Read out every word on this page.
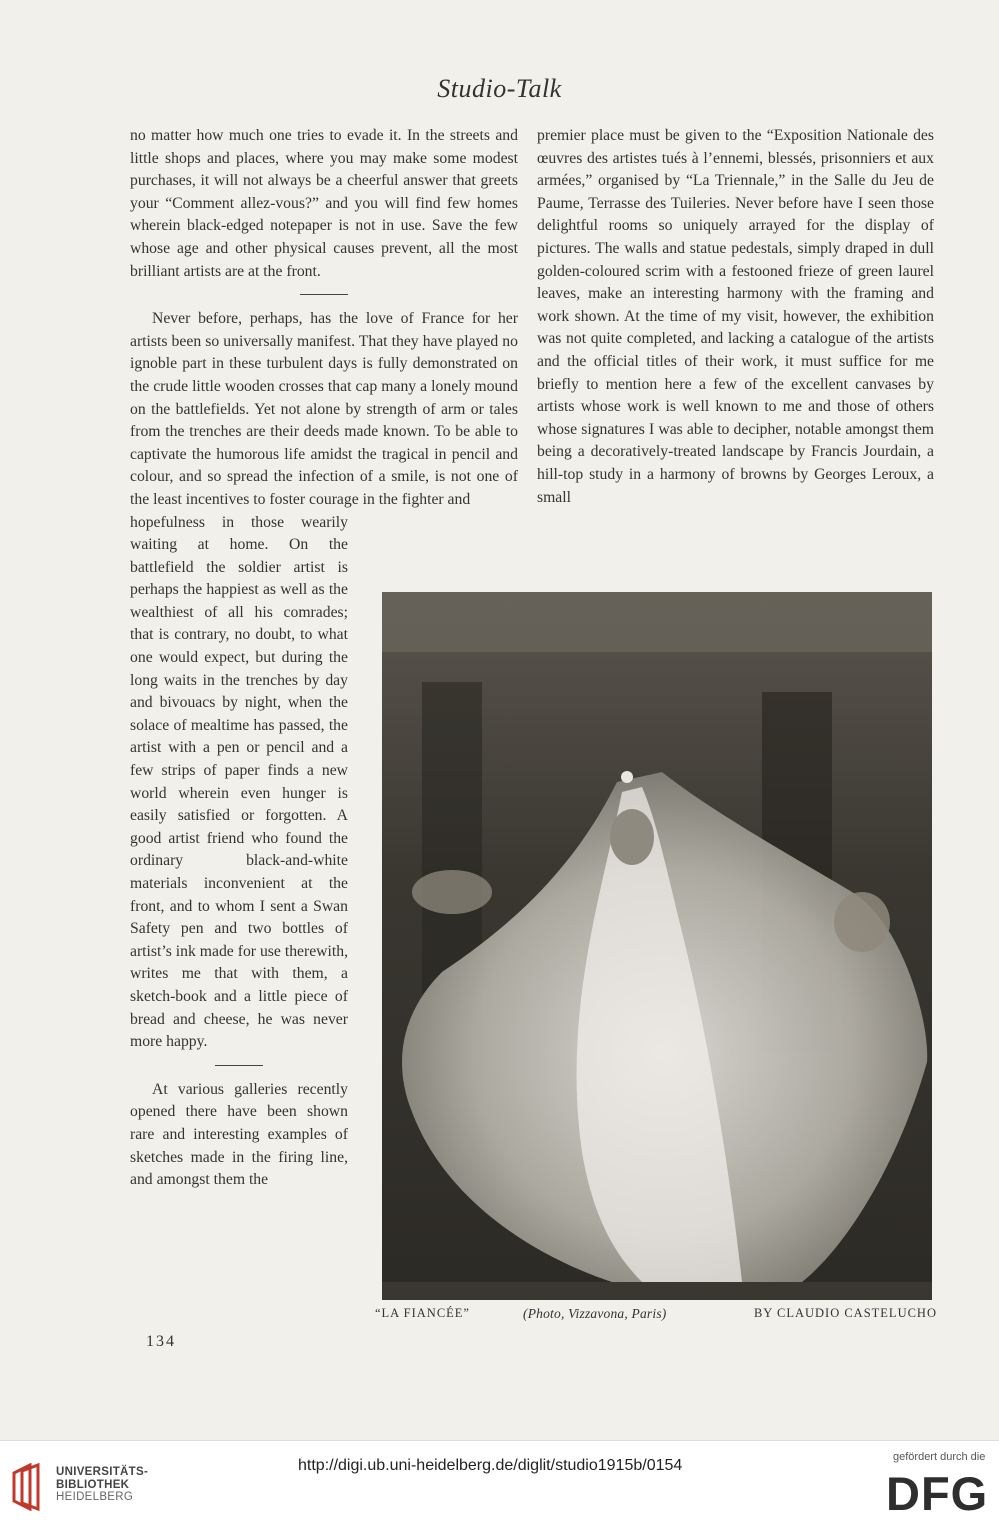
Studio-Talk

no matter how much one tries to evade it. In the streets and little shops and places, where you may make some modest purchases, it will not always be a cheerful answer that greets your “Comment allez-vous?” and you will find few homes wherein black-edged notepaper is not in use. Save the few whose age and other physical causes prevent, all the most brilliant artists are at the front.

Never before, perhaps, has the love of France for her artists been so universally manifest. That they have played no ignoble part in these turbulent days is fully demonstrated on the crude little wooden crosses that cap many a lonely mound on the battlefields. Yet not alone by strength of arm or tales from the trenches are their deeds made known. To be able to captivate the humorous life amidst the tragical in pencil and colour, and so spread the infection of a smile, is not one of the least incentives to foster courage in the fighter and

hopefulness in those wearily waiting at home. On the battlefield the soldier artist is perhaps the happiest as well as the wealthiest of all his comrades; that is contrary, no doubt, to what one would expect, but during the long waits in the trenches by day and bivouacs by night, when the solace of mealtime has passed, the artist with a pen or pencil and a few strips of paper finds a new world wherein even hunger is easily satisfied or forgotten. A good artist friend who found the ordinary black-and-white materials inconvenient at the front, and to whom I sent a Swan Safety pen and two bottles of artist’s ink made for use therewith, writes me that with them, a sketch-book and a little piece of bread and cheese, he was never more happy.

At various galleries recently opened there have been shown rare and interesting examples of sketches made in the firing line, and amongst them the

premier place must be given to the “Exposition Nationale des œuvres des artistes tués à l’ennemi, blessés, prisonniers et aux armées,” organised by “La Triennale,” in the Salle du Jeu de Paume, Terrasse des Tuileries. Never before have I seen those delightful rooms so uniquely arrayed for the display of pictures. The walls and statue pedestals, simply draped in dull golden-coloured scrim with a festooned frieze of green laurel leaves, make an interesting harmony with the framing and work shown. At the time of my visit, however, the exhibition was not quite completed, and lacking a catalogue of the artists and the official titles of their work, it must suffice for me briefly to mention here a few of the excellent canvases by artists whose work is well known to me and those of others whose signatures I was able to decipher, notable amongst them being a decoratively-treated landscape by Francis Jourdain, a hill-top study in a harmony of browns by Georges Leroux, a small

“LA FIANCÉE”	(Photo, Vizzavona, Paris)	BY CLAUDIO CASTELUCHO
134
UNIVERSITÄTS-
BIBLIOTHEK
HEIDELBERG
http://digi.ub.uni-heidelberg.de/diglit/studio1915b/0154	gefördert durch die
DFG
